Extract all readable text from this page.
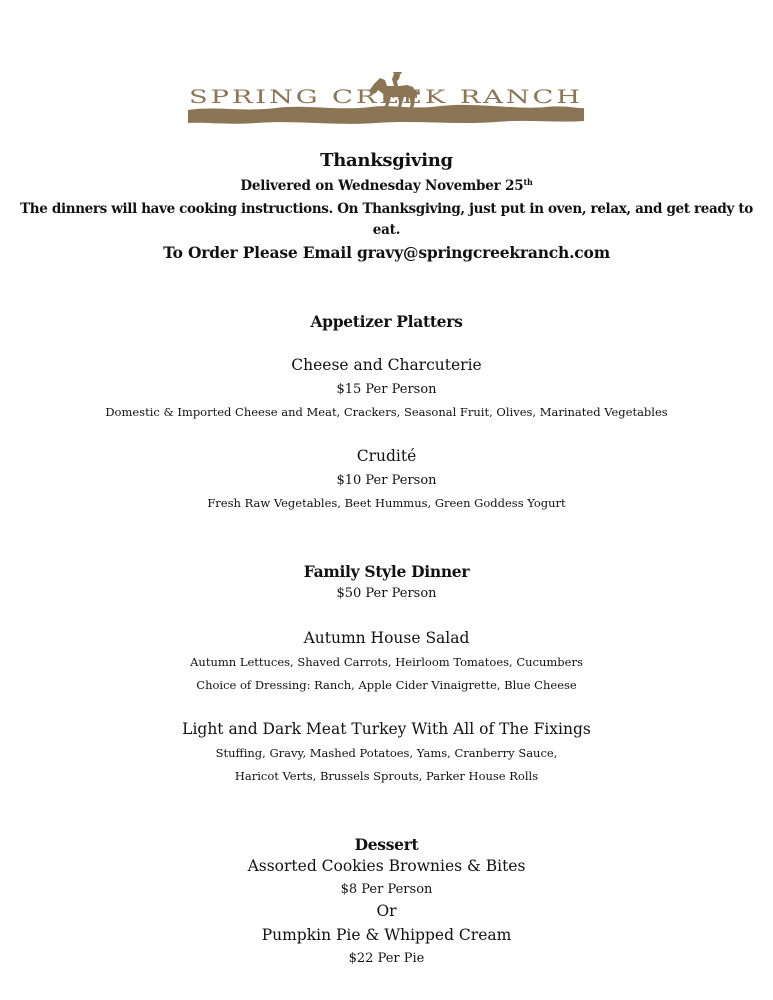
SPRING CREEK RANCH
Thanksgiving
Delivered on Wednesday November 25th
The dinners will have cooking instructions. On Thanksgiving, just put in oven, relax, and get ready to
eat.
To Order Please Email gravy@springcreekranch.com
Appetizer Platters
Cheese and Charcuterie
$15 Per Person
Domestic & Imported Cheese and Meat, Crackers, Seasonal Fruit, Olives, Marinated Vegetables
Crudité
$10 Per Person
Fresh Raw Vegetables, Beet Hummus, Green Goddess Yogurt
Family Style Dinner
$50 Per Person
Autumn House Salad
Autumn Lettuces, Shaved Carrots, Heirloom Tomatoes, Cucumbers
Choice of Dressing: Ranch, Apple Cider Vinaigrette, Blue Cheese
Light and Dark Meat Turkey With All of The Fixings
Stuffing, Gravy, Mashed Potatoes, Yams, Cranberry Sauce,
Haricot Verts, Brussels Sprouts, Parker House Rolls
Dessert
Assorted Cookies Brownies & Bites
$8 Per Person
Or
Pumpkin Pie & Whipped Cream
$22 Per Pie
